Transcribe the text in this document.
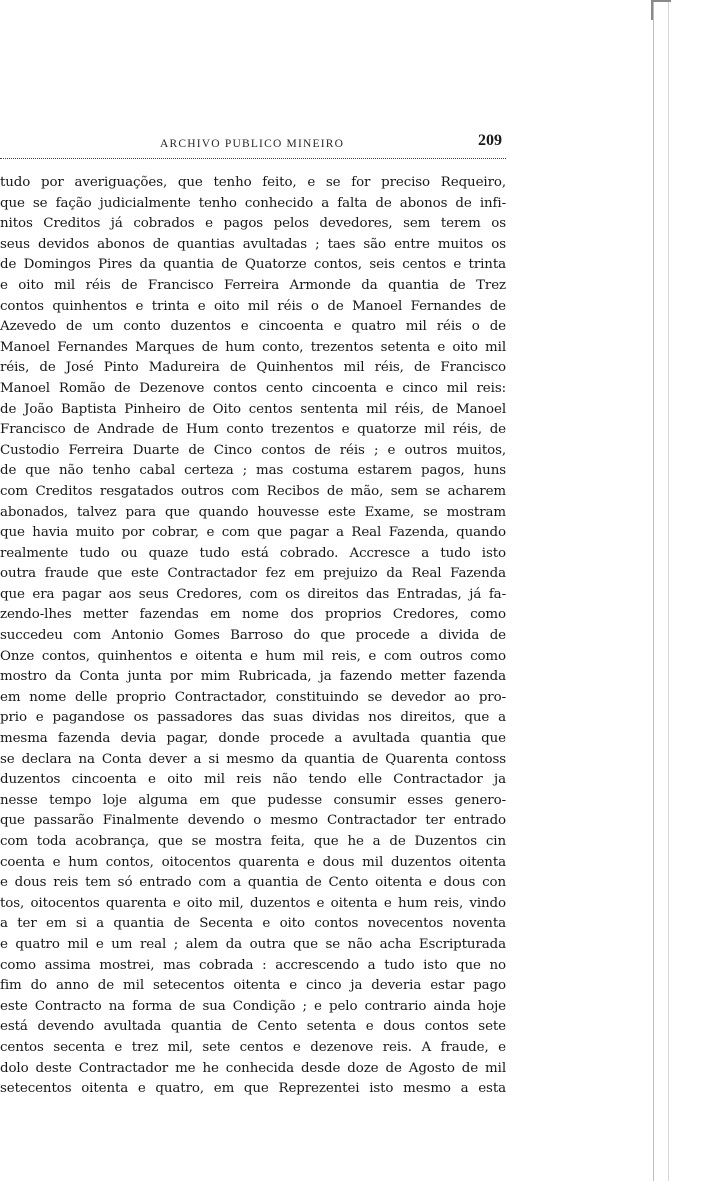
ARCHIVO PUBLICO MINEIRO	209
tudo por averiguações, que tenho feito, e se for preciso Requeiro,
que se fação judicialmente tenho conhecido a falta de abonos de infi-
nitos Creditos já cobrados e pagos pelos devedores, sem terem os
seus devidos abonos de quantias avultadas ; taes são entre muitos os
de Domingos Pires da quantia de Quatorze contos, seis centos e trinta
e oito mil réis de Francisco Ferreira Armonde da quantia de Trez
contos quinhentos e trinta e oito mil réis o de Manoel Fernandes de
Azevedo de um conto duzentos e cincoenta e quatro mil réis o de
Manoel Fernandes Marques de hum conto, trezentos setenta e oito mil
réis, de José Pinto Madureira de Quinhentos mil réis, de Francisco
Manoel Romão de Dezenove contos cento cincoenta e cinco mil reis:
de João Baptista Pinheiro de Oito centos sententa mil réis, de Manoel
Francisco de Andrade de Hum conto trezentos e quatorze mil réis, de
Custodio Ferreira Duarte de Cinco contos de réis ; e outros muitos,
de que não tenho cabal certeza ; mas costuma estarem pagos, huns
com Creditos resgatados outros com Recibos de mão, sem se acharem
abonados, talvez para que quando houvesse este Exame, se mostram
que havia muito por cobrar, e com que pagar a Real Fazenda, quando
realmente tudo ou quaze tudo está cobrado. Accresce a tudo isto
outra fraude que este Contractador fez em prejuizo da Real Fazenda
que era pagar aos seus Credores, com os direitos das Entradas, já fa-
zendo-lhes metter fazendas em nome dos proprios Credores, como
succedeu com Antonio Gomes Barroso do que procede a divida de
Onze contos, quinhentos e oitenta e hum mil reis, e com outros como
mostro da Conta junta por mim Rubricada, ja fazendo metter fazenda
em nome delle proprio Contractador, constituindo se devedor ao pro-
prio e pagandose os passadores das suas dividas nos direitos, que a
mesma fazenda devia pagar, donde procede a avultada quantia que
se declara na Conta dever a si mesmo da quantia de Quarenta contoss
duzentos cincoenta e oito mil reis não tendo elle Contractador ja
nesse tempo loje alguma em que pudesse consumir esses genero-
que passarão Finalmente devendo o mesmo Contractador ter entrado
com toda acobrança, que se mostra feita, que he a de Duzentos cin
coenta e hum contos, oitocentos quarenta e dous mil duzentos oitenta
e dous reis tem só entrado com a quantia de Cento oitenta e dous con
tos, oitocentos quarenta e oito mil, duzentos e oitenta e hum reis, vindo
a ter em si a quantia de Secenta e oito contos novecentos noventa
e quatro mil e um real ; alem da outra que se não acha Escripturada
como assima mostrei, mas cobrada : accrescendo a tudo isto que no
fim do anno de mil setecentos oitenta e cinco ja deveria estar pago
este Contracto na forma de sua Condição ; e pelo contrario ainda hoje
está devendo avultada quantia de Cento setenta e dous contos sete
centos secenta e trez mil, sete centos e dezenove reis. A fraude, e
dolo deste Contractador me he conhecida desde doze de Agosto de mil
setecentos oitenta e quatro, em que Reprezentei isto mesmo a esta
